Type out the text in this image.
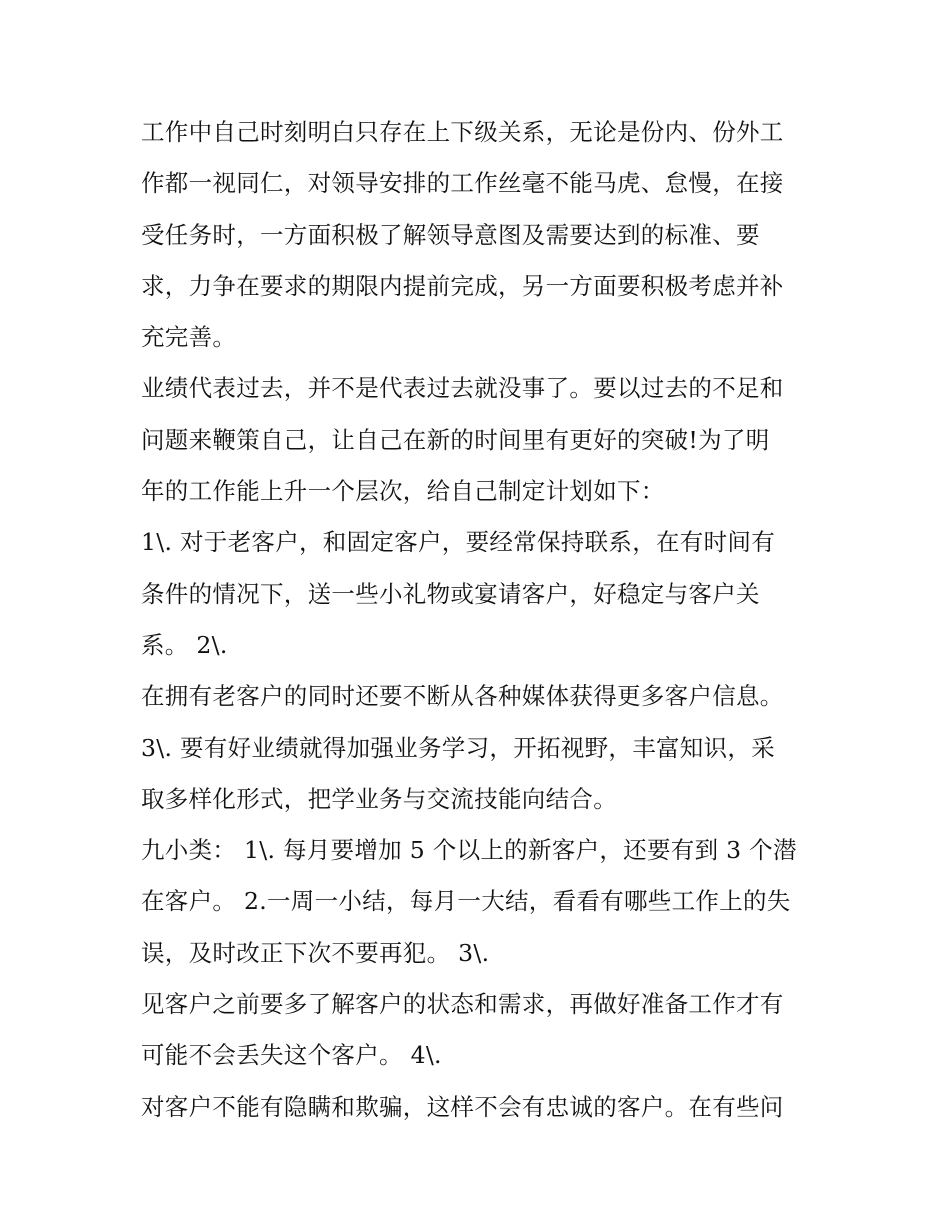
工作中自己时刻明白只存在上下级关系，无论是份内、份外工
作都一视同仁，对领导安排的工作丝毫不能马虎、怠慢，在接
受任务时，一方面积极了解领导意图及需要达到的标准、要
求，力争在要求的期限内提前完成，另一方面要积极考虑并补
充完善。
业绩代表过去，并不是代表过去就没事了。要以过去的不足和
问题来鞭策自己，让自己在新的时间里有更好的突破!为了明
年的工作能上升一个层次，给自己制定计划如下：
1\. 对于老客户，和固定客户，要经常保持联系，在有时间有
条件的情况下，送一些小礼物或宴请客户，好稳定与客户关
系。 2\.
在拥有老客户的同时还要不断从各种媒体获得更多客户信息。
3\. 要有好业绩就得加强业务学习，开拓视野，丰富知识，采
取多样化形式，把学业务与交流技能向结合。
九小类： 1\. 每月要增加 5 个以上的新客户，还要有到 3 个潜
在客户。 2.一周一小结，每月一大结，看看有哪些工作上的失
误，及时改正下次不要再犯。 3\.
见客户之前要多了解客户的状态和需求，再做好准备工作才有
可能不会丢失这个客户。 4\.
对客户不能有隐瞒和欺骗，这样不会有忠诚的客户。在有些问
